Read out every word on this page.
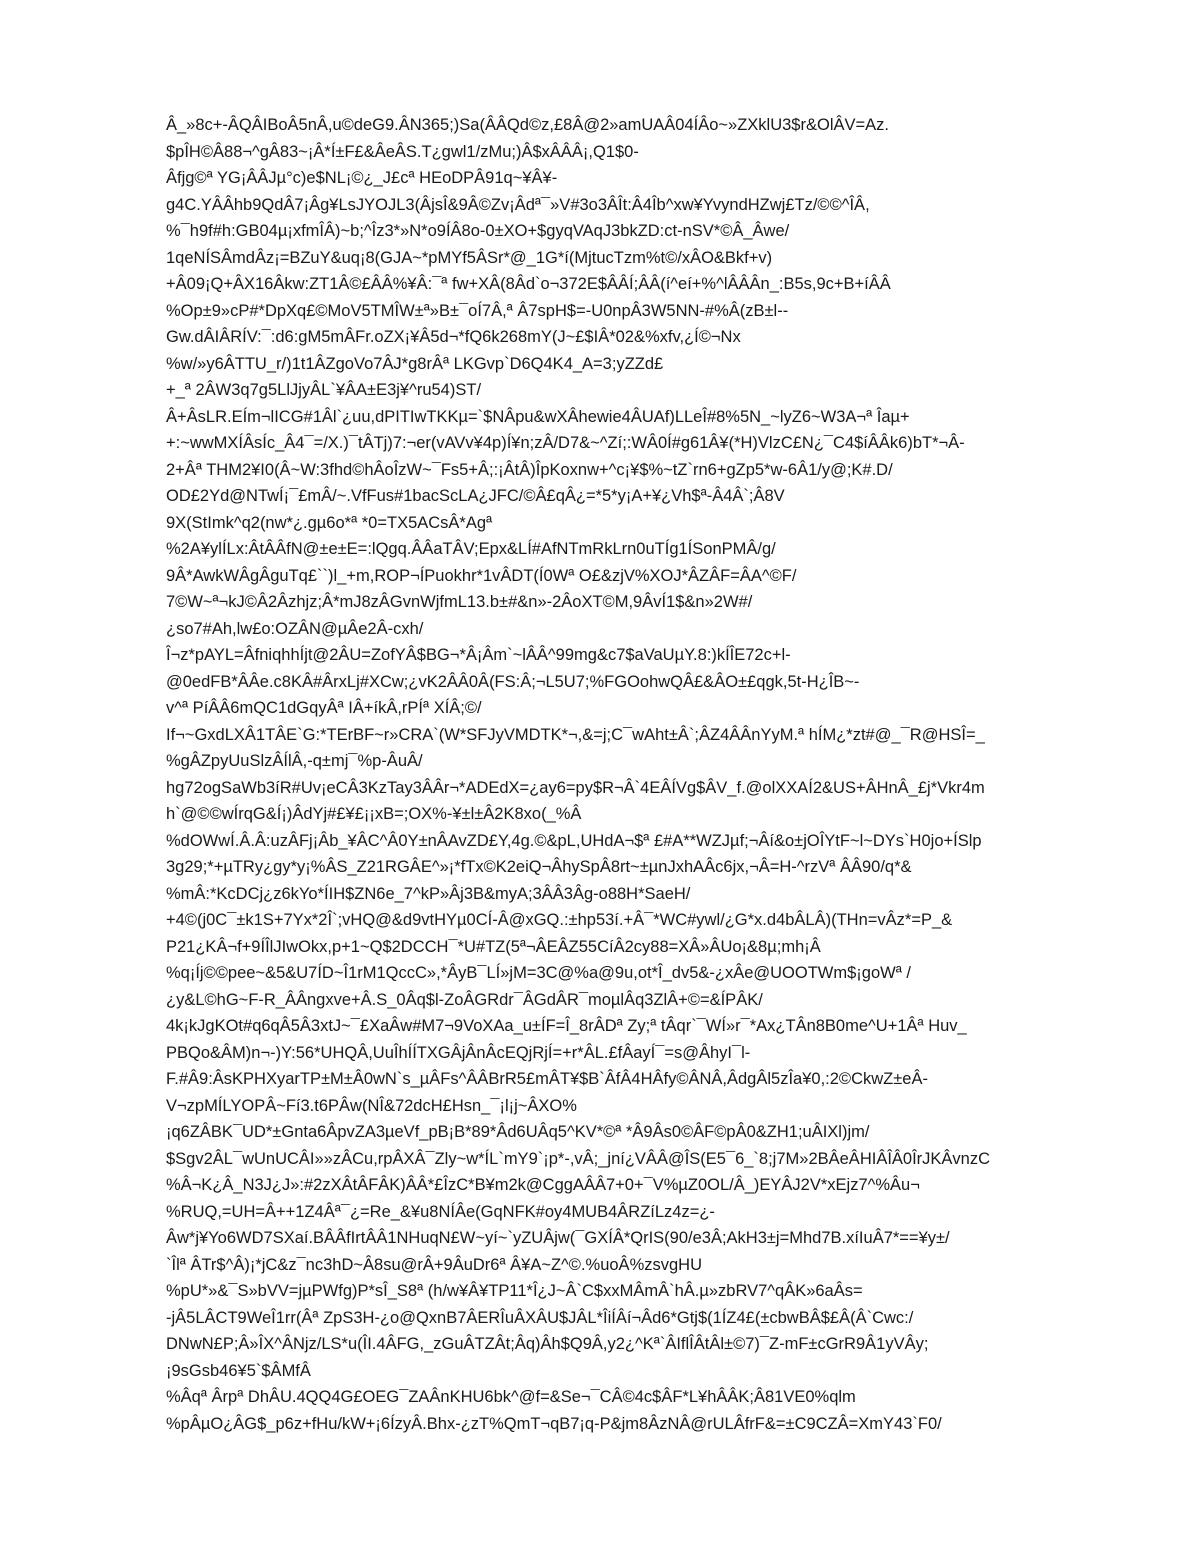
Â_»8c+-ÂQÂIBoÂ5nÂ,u©deG9.ÂN365;)Sa(ÂÂQd©z,£8Â@2»amUAÂ04ÍÂo~»ZXklU3$r&OlÂV=Az.
$pÎH©Â88¬^gÂ83~¡Â*Í±F£&ÂeÂS.T¿gwl1/zMu;)Â$xÂÂÂ¡,Q1$0-
Âfjg©ª YG¡ÂÂJµ°c)e$NL¡©¿_J£cª HEoDPÂ91q~¥Â¥-
g4C.YÂÂhb9QdÂ7¡Âg¥LsJYOJL3(ÂjsÎ&9Â©Zv¡Âdª¯»V#3o3ÂÎt:Â4Îb^xw¥YvyndHZwj£Tz/©©^ÎÂ,
%¯h9f#h:GB04µ¡xfmÎÂ)~b;^Îz3*»N*o9ÍÂ8o-0±XO+$gyqVAqJ3bkZD:ct-nSV*©Â_Âwe/
1qeNÍSÂmdÂz¡=BZuY&uq¡8(GJA~*pMYf5ÂSr*@_1G*í(MjtucTzm%t©/xÂO&Bkf+v)
+Â09¡Q+ÂX16Âkw:ZT1Â©£ÂÂ%¥Â:¯ª fw+XÂ(8Âd`o¬372E$ÂÂÍ;ÂÂ(í^eí+%^lÂÂÂn_:B5s,9c+B+íÂÂ
%Op±9»cP#*DpXq£©MoV5TMÎW±ª»B±¯oÍ7Â,ª Â7spH$=-U0npÂ3W5NN-#%Â(zB±l--
Gw.dÂIÂRÍV:¯:d6:gM5mÂFr.oZX¡¥Â5d¬*fQ6k268mY(J~£$IÂ*02&%xfv,¿Í©¬Nx
%w/»y6ÂTTU_r/)1t1ÂZgoVo7ÂJ*g8rÂª LKGvp`D6Q4K4_A=3;yZZd£
+_ª 2ÂW3q7g5LlJjyÂL`¥ÂA±E3j¥^ru54)ST/
Â+ÂsLR.EÍm¬lICG#1Âl`¿uu,dPITIwTKKµ=`$NÂpu&wXÂhewie4ÂUAf)LLeÎ#8%5N_~lyZ6~W3A¬ª Îaµ+
+:~wwMXÍÂsÍc_Â4¯=/X.)¯tÂTj)7:¬er(vAVv¥4p)Í¥n;zÂ/D7&~^Zí;:WÂ0Í#g61Â¥(*H)VlzC£N¿¯C4$íÂÂk6)bT*¬Â-
2+Âª THM2¥I0(Â~W:3fhd©hÂoÎzW~¯Fs5+Â;:¡ÂtÂ)ÎpKoxnw+^c¡¥$%~tZ`rn6+gZp5*w-6Â1/y@;K#.D/
OD£2Yd@NTwÍ¡¯£mÂ/~.VfFus#1bacScLA¿JFC/©Â£qÂ¿=*5*y¡A+¥¿Vh$ª-Â4Â`;Â8V
9X(StImk^q2(nw*¿.gµ6o*ª *0=TX5ACsÂ*Agª
%2A¥ylÍLx:ÂtÂÂfN@±e±E=:lQgq.ÂÂaTÂV;Epx&LÍ#AfNTmRkLrn0uTÍg1ÍSonPMÂ/g/
9Â*AwkWÂgÂguTq£``)l_+m,ROP¬ÍPuokhr*1vÂDT(Í0Wª O£&zjV%XOJ*ÂZÂF=ÂA^©F/
7©W~ª¬kJ©Â2Âzhjz;Â*mJ8zÂGvnWjfmL13.b±#&n»-2ÂoXT©M,9ÂvÍ1$&n»2W#/
¿so7#Ah,lw£o:OZÂN@µÂe2Â-cxh/
Î¬z*pAYL=ÂfniqhhÍjt@2ÂU=ZofYÂ$BG¬*Â¡Âm`~lÂÂ^99mg&c7$aVaUµY.8:)kÍÎE72c+l-
@0edFB*ÂÂe.c8KÂ#ÂrxLj#XCw;¿vK2ÂÂ0Â(FS:Â;¬L5U7;%FGOohwQÂ£&ÂO±£qgk,5t-H¿ÎB~-
v^ª PíÂÂ6mQC1dGqyÂª IÂ+íkÂ,rPÍª XÍÂ;©/
If¬~GxdLXÂ1TÂE`G:*TErBF~r»CRA`(W*SFJyVMDTK*¬,&=j;C¯wAht±Â`;ÂZ4ÂÂnYyM.ª hÍM¿*zt#@_¯R@HSÎ=_
%gÂZpyUuSlzÂÍlÂ,-q±mj¯%p-ÂuÂ/
hg72ogSaWb3íR#Uv¡eCÂ3KzTay3ÂÂr¬*ADEdX=¿ay6=py$R¬Â`4EÂÍVg$ÂV_f.@olXXAÍ2&US+ÂHnÂ_£j*Vkr4m
h`@©©wÍrqG&Í¡)ÂdYj#£¥£¡¡xB=;OX%-¥±l±Â2K8xo(_%Â
%dOWwÍ.Â.Â:uzÂFj¡Âb_¥ÂC^Â0Y±nÂAvZD£Y,4g.©&pL,UHdA¬$ª £#A**WZJµf;¬Âí&o±jOÎYtF~l~DYs`H0jo+ÍSlp
3g29;*+µTRy¿gy*y¡%ÂS_Z21RGÂE^»¡*fTx©K2eiQ¬ÂhySpÂ8rt~±µnJxhAÂc6jx,¬Â=H-^rzVª ÂÂ90/q*&
%mÂ:*KcDCj¿z6kYo*ÍIH$ZN6e_7^kP»Âj3B&myA;3ÂÂ3Âg-o88H*SaeH/
+4©(j0C¯±k1S+7Yx*2Î`;vHQ@&d9vtHYµ0CÍ-Â@xGQ.:±hp53í.+Â¯*WC#ywl/¿G*x.d4bÂLÂ)(THn=vÂz*=P_&
P21¿KÂ¬f+9ÍÎlJIwOkx,p+1~Q$2DCCH¯*U#TZ(5ª¬ÂEÂZ55CíÂ2cy88=XÂ»ÂUo¡&8µ;mh¡Â
%q¡Íj©©pee~&5&U7ÍD~Î1rM1QccC»,*ÂyB¯LÍ»jM=3C@%a@9u,ot*Î_dv5&-¿xÂe@UOOTWm$¡goWª /
¿y&L©hG~F-R_ÂÂngxve+Â.S_0Âq$l-ZoÂGRdr¯ÂGdÂR¯moµlÂq3ZlÂ+©=&ÍPÂK/
4k¡kJgKOt#q6qÂ5Â3xtJ~¯£XaÂw#M7¬9VoXAa_u±ÍF=Î_8rÂDª Zy;ª tÂqr`¯WÍ»r¯*Ax¿TÂn8B0me^U+1Âª Huv_
PBQo&ÂM)n¬-)Y:56*UHQÂ,UuÎhÍÍTXGÂjÂnÂcEQjRjÍ=+r*ÂL.£fÂayÍ¯=s@ÂhyI¯l-
F.#Â9:ÂsKPHXyarTP±M±Â0wN`s_µÂFs^ÂÂBrR5£mÂT¥$B`ÂfÂ4HÂfy©ÂNÂ,ÂdgÂl5zÎa¥0,:2©CkwZ±eÂ-
V¬zpMÍLYOPÂ~Fí3.t6PÂw(NÎ&72dcH£Hsn_¯¡l¡j~ÂXO%
¡q6ZÂBK¯UD*±Gnta6ÂpvZA3µeVf_pB¡B*89*Âd6UÂq5^KV*©ª *Â9Âs0©ÂF©pÂ0&ZH1;uÂIXl)jm/
$Sgv2ÂL¯wUnUCÂI»»zÂCu,rpÂXÂ¯Zly~w*ÍL`mY9`¡p*-,vÂ;_jní¿VÂÂ@ÎS(E5¯6_`8;j7M»2BÂeÂHIÂÎÂ0ÎrJKÂvnzC
%Â¬K¿Â_N3J¿J»:#2zXÂtÂFÂK)ÂÂ*£ÎzC*B¥m2k@CggAÂÂ7+0+¯V%µZ0OL/Â_)EYÂJ2V*xEjz7^%Âu¬
%RUQ,=UH=Â++1Z4Âª¯¿=Re_&¥u8NÍÂe(GqNFK#oy4MUB4ÂRZíLz4z=¿-
Âw*j¥Yo6WD7SXaí.BÂÂfIrtÂÂ1NHuqN£W~yí~`yZUÂjw(¯GXÍÂ*QrIS(90/e3Â;AkH3±j=Mhd7B.xíIuÂ7*==¥y±/
`Îlª ÂTr$^Â)¡*jC&z¯nc3hD~Â8su@rÂ+9ÂuDr6ª Â¥A~Z^©.%uoÂ%zsvgHU
%pU*»&¯S»bVV=jµPWfg)P*sÎ_S8ª (h/w¥Â¥TP11*Î¿J~Â`C$xxMÂmÂ`hÂ.µ»zbRV7^qÂK»6aÂs=
-jÂ5LÂCT9WeÎ1rr(Âª ZpS3H-¿o@QxnB7ÂERÎuÂXÂU$JÂL*ÎiÍÂí¬Âd6*Gtj$(1ÍZ4£(±cbwBÂ$£Â(Â`Cwc:/
DNwN£P;Â»ÎX^ÂNjz/LS*u(ÎI.4ÂFG,_zGuÂTZÂt;Âq)Âh$Q9Â,y2¿^Kª`ÂIflÎÂtÂl±©7)¯Z-mF±cGrR9Â1yVÂy;
¡9sGsb46¥5`$ÂMfÂ
%Âqª Ârpª DhÂU.4QQ4G£OEG¯ZAÂnKHU6bk^@f=&Se¬¯CÂ©4c$ÂF*L¥hÂÂK;Â81VE0%qlm
%pÂµO¿ÂG$_p6z+fHu/kW+¡6ÍzyÂ.Bhx-¿zT%QmT¬qB7¡q-P&jm8ÂzNÂ@rULÂfrF&=±C9CZÂ=XmY43`F0/
